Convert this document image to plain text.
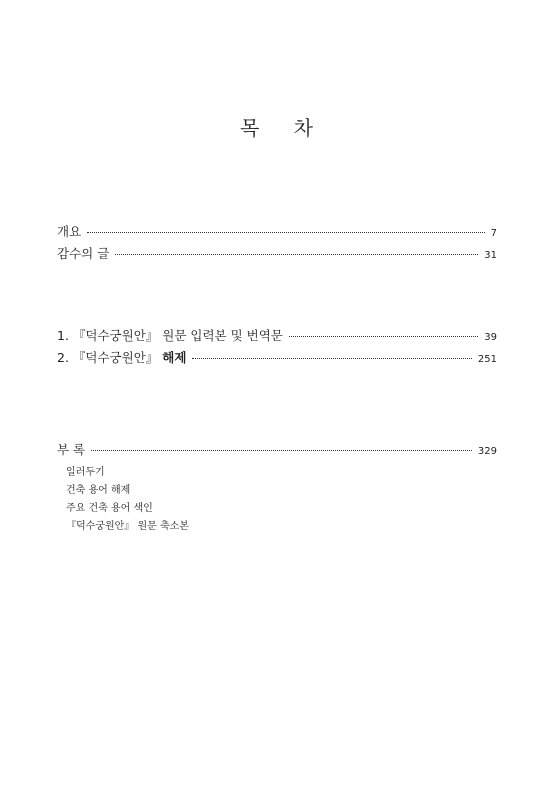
목 차
개요	7
감수의 글	31
1. 『덕수궁원안』 원문 입력본 및 번역문	39
2. 『덕수궁원안』 해제	251
부 록	329
일러두기
건축 용어 해제
주요 건축 용어 색인
『덕수궁원안』 원문 축소본
